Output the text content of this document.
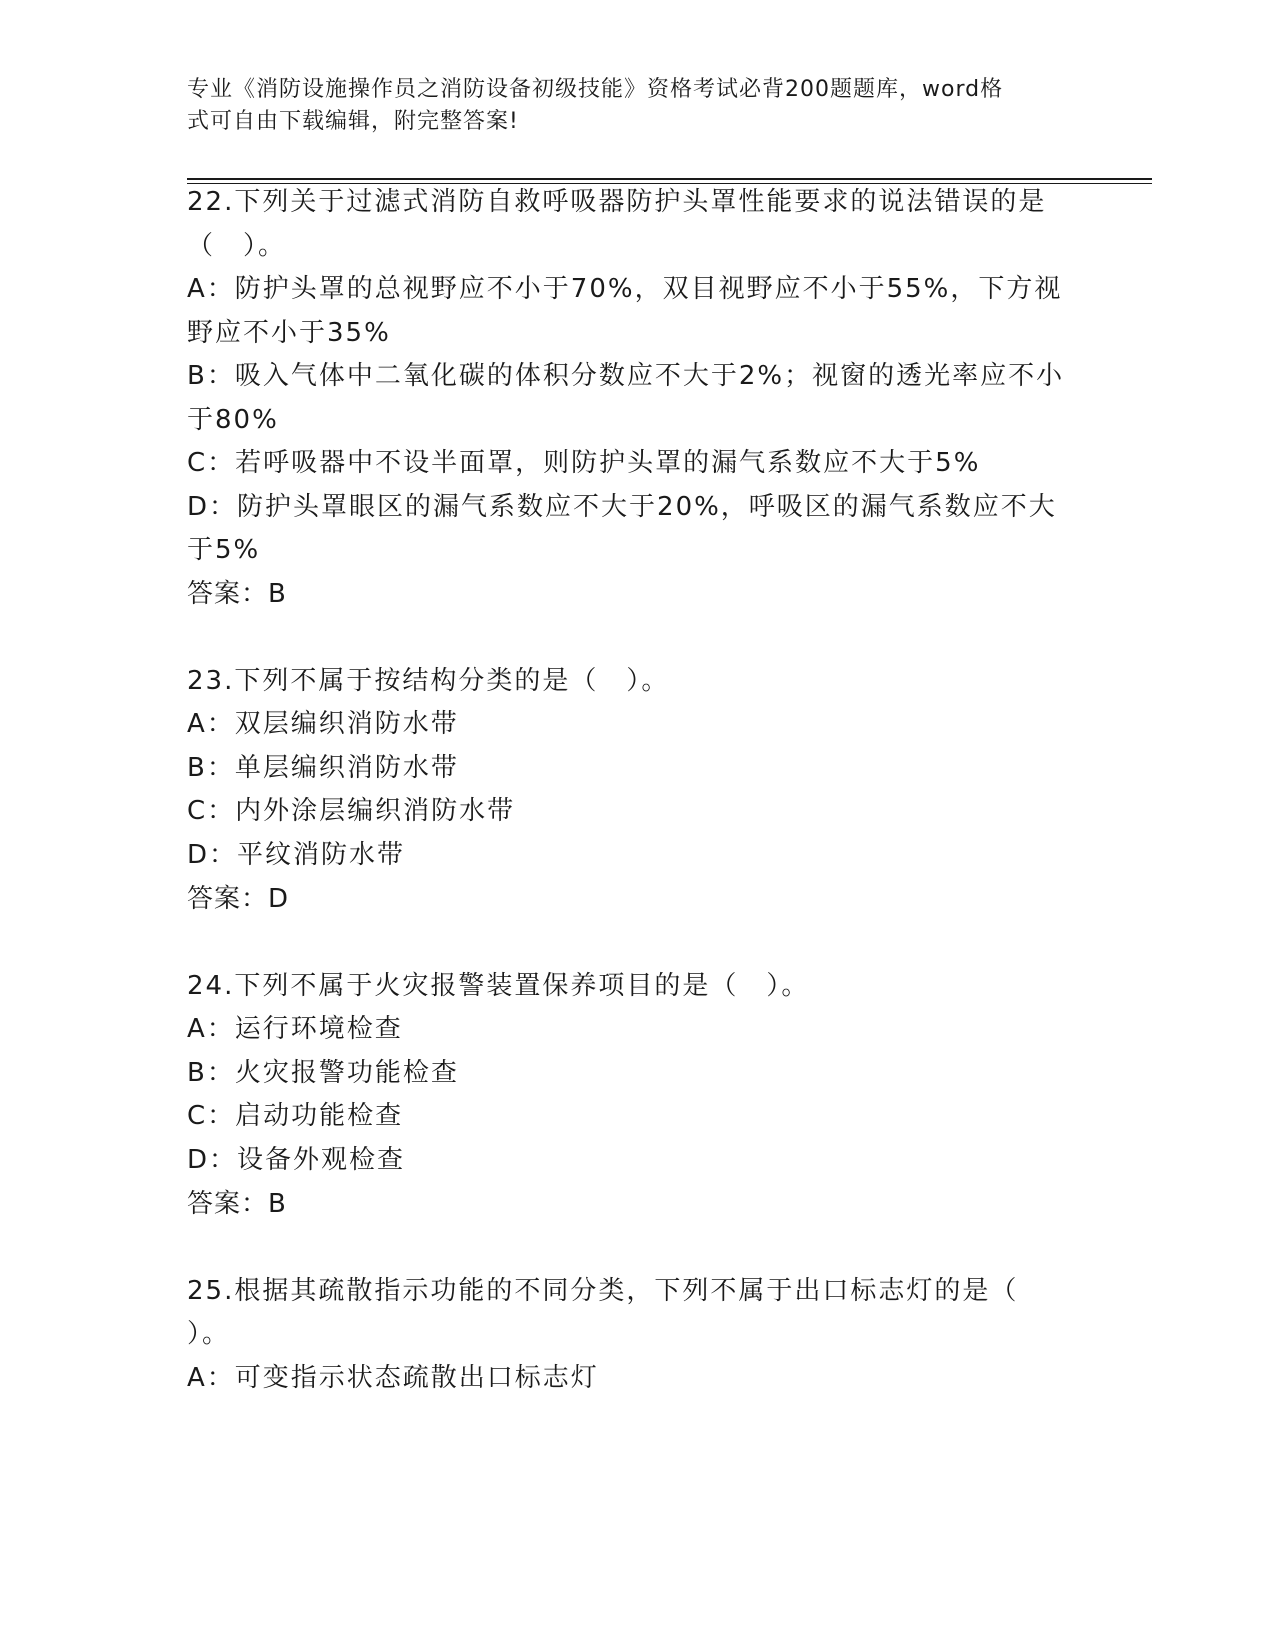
专业《消防设施操作员之消防设备初级技能》资格考试必背200题题库，word格
式可自由下载编辑，附完整答案!
22.下列关于过滤式消防自救呼吸器防护头罩性能要求的说法错误的是
（　）。
A：防护头罩的总视野应不小于70%，双目视野应不小于55%，下方视
野应不小于35%
B：吸入气体中二氧化碳的体积分数应不大于2%；视窗的透光率应不小
于80%
C：若呼吸器中不设半面罩，则防护头罩的漏气系数应不大于5%
D：防护头罩眼区的漏气系数应不大于20%，呼吸区的漏气系数应不大
于5%
答案：B
23.下列不属于按结构分类的是（　）。
A：双层编织消防水带
B：单层编织消防水带
C：内外涂层编织消防水带
D：平纹消防水带
答案：D
24.下列不属于火灾报警装置保养项目的是（　）。
A：运行环境检查
B：火灾报警功能检查
C：启动功能检查
D：设备外观检查
答案：B
25.根据其疏散指示功能的不同分类，下列不属于出口标志灯的是（
）。
A：可变指示状态疏散出口标志灯
